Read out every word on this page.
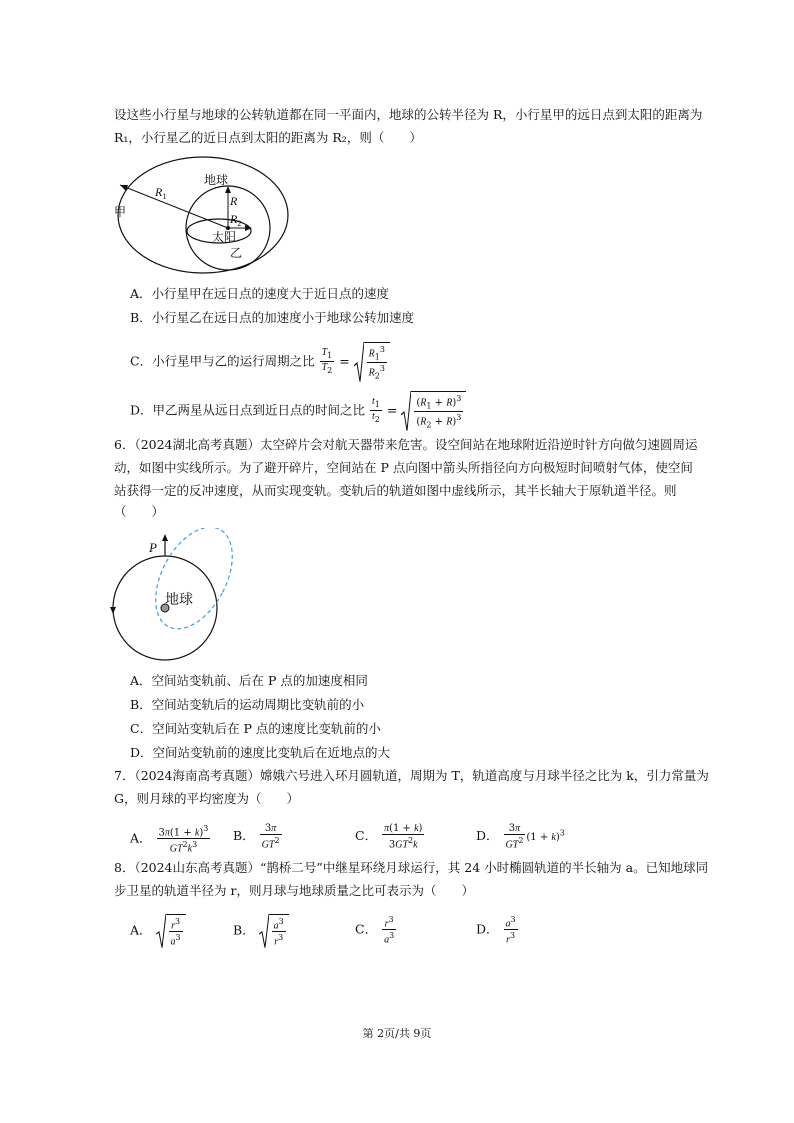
设这些小行星与地球的公转轨道都在同一平面内，地球的公转半径为 R，小行星甲的远日点到太阳的距离为
R₁，小行星乙的近日点到太阳的距离为 R₂，则（　　）
地球
$R_1$	R
$R_2$
太阳
甲
乙
A．小行星甲在远日点的速度大于近日点的速度
B．小行星乙在远日点的加速度小于地球公转加速度
C．小行星甲与乙的运行周期之比 $\frac{T_1}{T_2} = \frac{R_1^3}{R_2^3}$
D．甲乙两星从远日点到近日点的时间之比 $\frac{t_1}{t_2} = \frac{(R_1 + R)^3}{(R_2 + R)^3}$
6．（2024湖北高考真题）太空碎片会对航天器带来危害。设空间站在地球附近沿逆时针方向做匀速圆周运
动，如图中实线所示。为了避开碎片，空间站在 P 点向图中箭头所指径向方向极短时间喷射气体，使空间
站获得一定的反冲速度，从而实现变轨。变轨后的轨道如图中虚线所示，其半长轴大于原轨道半径。则
（　　）
P
地球
A．空间站变轨前、后在 P 点的加速度相同
B．空间站变轨后的运动周期比变轨前的小
C．空间站变轨后在 P 点的速度比变轨前的小
D．空间站变轨前的速度比变轨后在近地点的大
7．（2024海南高考真题）嫦娥六号进入环月圆轨道，周期为 T，轨道高度与月球半径之比为 k，引力常量为
G，则月球的平均密度为（　　）
A． $\frac{3\pi(1 + k)^3}{GT^2k^3}$ B． $\frac{3\pi}{GT^2}$	C． $\frac{\pi(1 + k)}{3GT^2k}$	D． $\frac{3\pi}{GT^2} (1 + k)^3$
8．（2024山东高考真题）“鹊桥二号”中继星环绕月球运行，其 24 小时椭圆轨道的半长轴为 a。已知地球同
步卫星的轨道半径为 r，则月球与地球质量之比可表示为（　　）
A． $\frac{r^3}{a^3}$	B． $\frac{a^3}{r^3}$	C． $\frac{r^3}{a^3}$	D． $\frac{a^3}{r^3}$
第 2页/共 9页
